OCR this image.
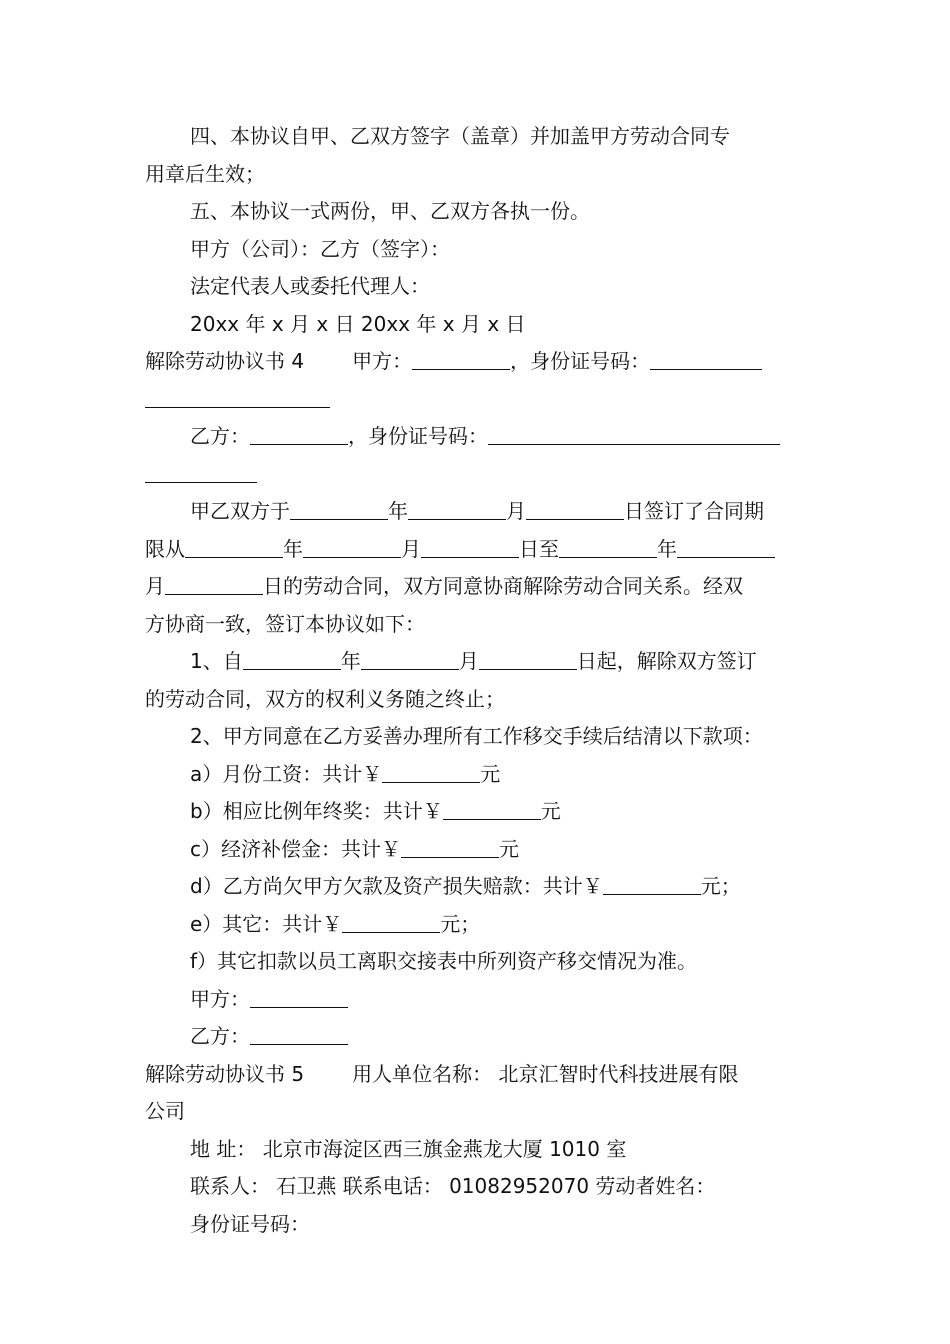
四、本协议自甲、乙双方签字（盖章）并加盖甲方劳动合同专
用章后生效；
五、本协议一式两份，甲、乙双方各执一份。
甲方（公司）：乙方（签字）：
法定代表人或委托代理人：
20xx 年 x 月 x 日 20xx 年 x 月 x 日
解除劳动协议书 4 甲方：	，身份证号码：
乙方：	，身份证号码：
甲乙双方于	年	月	日签订了合同期
限从	年	月	日至	年
月	日的劳动合同，双方同意协商解除劳动合同关系。经双
方协商一致，签订本协议如下：
1、自	年	月	日起，解除双方签订
的劳动合同，双方的权利义务随之终止；
2、甲方同意在乙方妥善办理所有工作移交手续后结清以下款项：
a）月份工资：共计￥	元
b）相应比例年终奖：共计￥	元
c）经济补偿金：共计￥	元
d）乙方尚欠甲方欠款及资产损失赔款：共计￥	元；
e）其它：共计￥	元；
f）其它扣款以员工离职交接表中所列资产移交情况为准。
甲方：
乙方：
解除劳动协议书 5 用人单位名称： 北京汇智时代科技进展有限
公司
地 址： 北京市海淀区西三旗金燕龙大厦 1010 室
联系人： 石卫燕 联系电话： 01082952070 劳动者姓名：
身份证号码：
